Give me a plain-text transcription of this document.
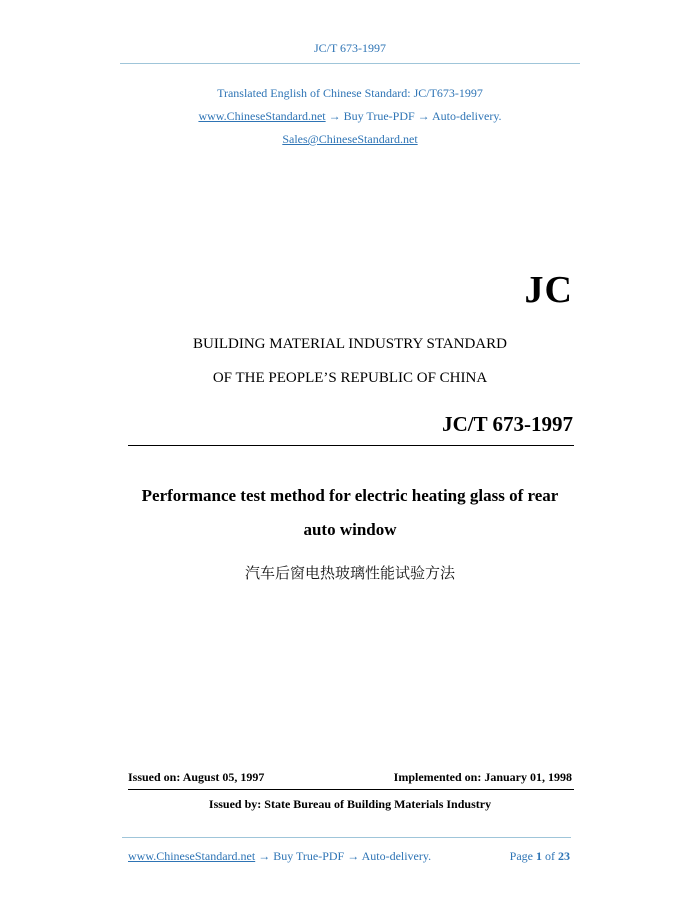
JC/T 673-1997
Translated English of Chinese Standard: JC/T673-1997
www.ChineseStandard.net → Buy True-PDF → Auto-delivery.
Sales@ChineseStandard.net
JC
BUILDING MATERIAL INDUSTRY STANDARD
OF THE PEOPLE’S REPUBLIC OF CHINA
JC/T 673-1997
Performance test method for electric heating glass of rear
auto window
汽车后窗电热玻璃性能试验方法
Issued on: August 05, 1997	Implemented on: January 01, 1998
Issued by: State Bureau of Building Materials Industry
www.ChineseStandard.net → Buy True-PDF → Auto-delivery.	Page 1 of 23
